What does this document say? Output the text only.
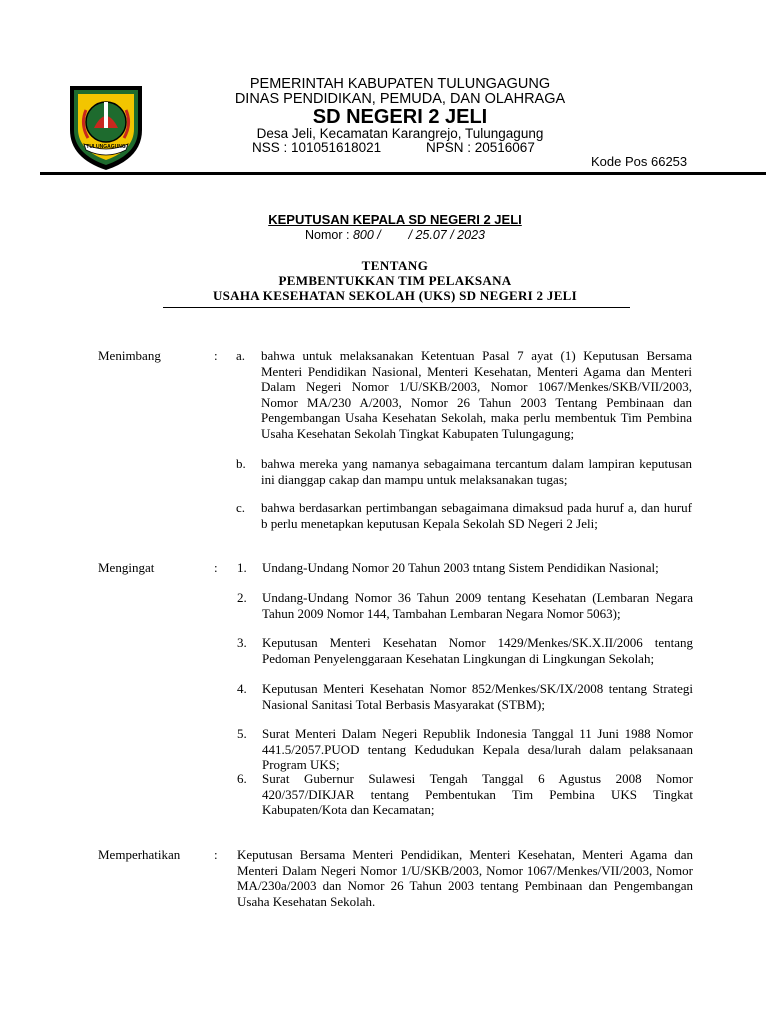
TULUNGAGUNG
PEMERINTAH KABUPATEN TULUNGAGUNG
DINAS PENDIDIKAN, PEMUDA, DAN OLAHRAGA
SD NEGERI 2 JELI
Desa Jeli, Kecamatan Karangrejo, Tulungagung
NSS : 101051618021	NPSN : 20516067
Kode Pos 66253
KEPUTUSAN KEPALA SD NEGERI 2 JELI
Nomor : 800 /        / 25.07 / 2023
TENTANG
PEMBENTUKKAN TIM PELAKSANA
USAHA KESEHATAN SEKOLAH (UKS) SD NEGERI 2 JELI
Menimbang	: a. bahwa untuk melaksanakan Ketentuan Pasal 7 ayat (1) Keputusan Bersama Menteri Pendidikan Nasional, Menteri Kesehatan, Menteri Agama dan Menteri Dalam Negeri Nomor 1/U/SKB/2003, Nomor 1067/Menkes/SKB/VII/2003, Nomor MA/230 A/2003, Nomor 26 Tahun 2003 Tentang Pembinaan dan Pengembangan Usaha Kesehatan Sekolah, maka perlu membentuk Tim Pembina Usaha Kesehatan Sekolah Tingkat Kabupaten Tulungagung;
b. bahwa mereka yang namanya sebagaimana tercantum dalam lampiran keputusan ini dianggap cakap dan mampu untuk melaksanakan tugas;
c. bahwa berdasarkan pertimbangan sebagaimana dimaksud pada huruf a, dan huruf b perlu menetapkan keputusan Kepala Sekolah SD Negeri 2 Jeli;
Mengingat	: 1. Undang-Undang Nomor 20 Tahun 2003 tntang Sistem Pendidikan Nasional;
2. Undang-Undang Nomor 36 Tahun 2009 tentang Kesehatan (Lembaran Negara Tahun 2009 Nomor 144, Tambahan Lembaran Negara Nomor 5063);
3. Keputusan Menteri Kesehatan Nomor 1429/Menkes/SK.X.II/2006 tentang Pedoman Penyelenggaraan Kesehatan Lingkungan di Lingkungan Sekolah;
4. Keputusan Menteri Kesehatan Nomor 852/Menkes/SK/IX/2008 tentang Strategi Nasional Sanitasi Total Berbasis Masyarakat (STBM);
5. Surat Menteri Dalam Negeri Republik Indonesia Tanggal 11 Juni 1988 Nomor 441.5/2057.PUOD tentang Kedudukan Kepala desa/lurah dalam pelaksanaan Program UKS;
6. Surat Gubernur Sulawesi Tengah Tanggal 6 Agustus 2008 Nomor 420/357/DIKJAR tentang Pembentukan Tim Pembina UKS Tingkat Kabupaten/Kota dan Kecamatan;
Memperhatikan	: Keputusan Bersama Menteri Pendidikan, Menteri Kesehatan, Menteri Agama dan Menteri Dalam Negeri Nomor 1/U/SKB/2003, Nomor 1067/Menkes/VII/2003, Nomor MA/230a/2003 dan Nomor 26 Tahun 2003 tentang Pembinaan dan Pengembangan Usaha Kesehatan Sekolah.
